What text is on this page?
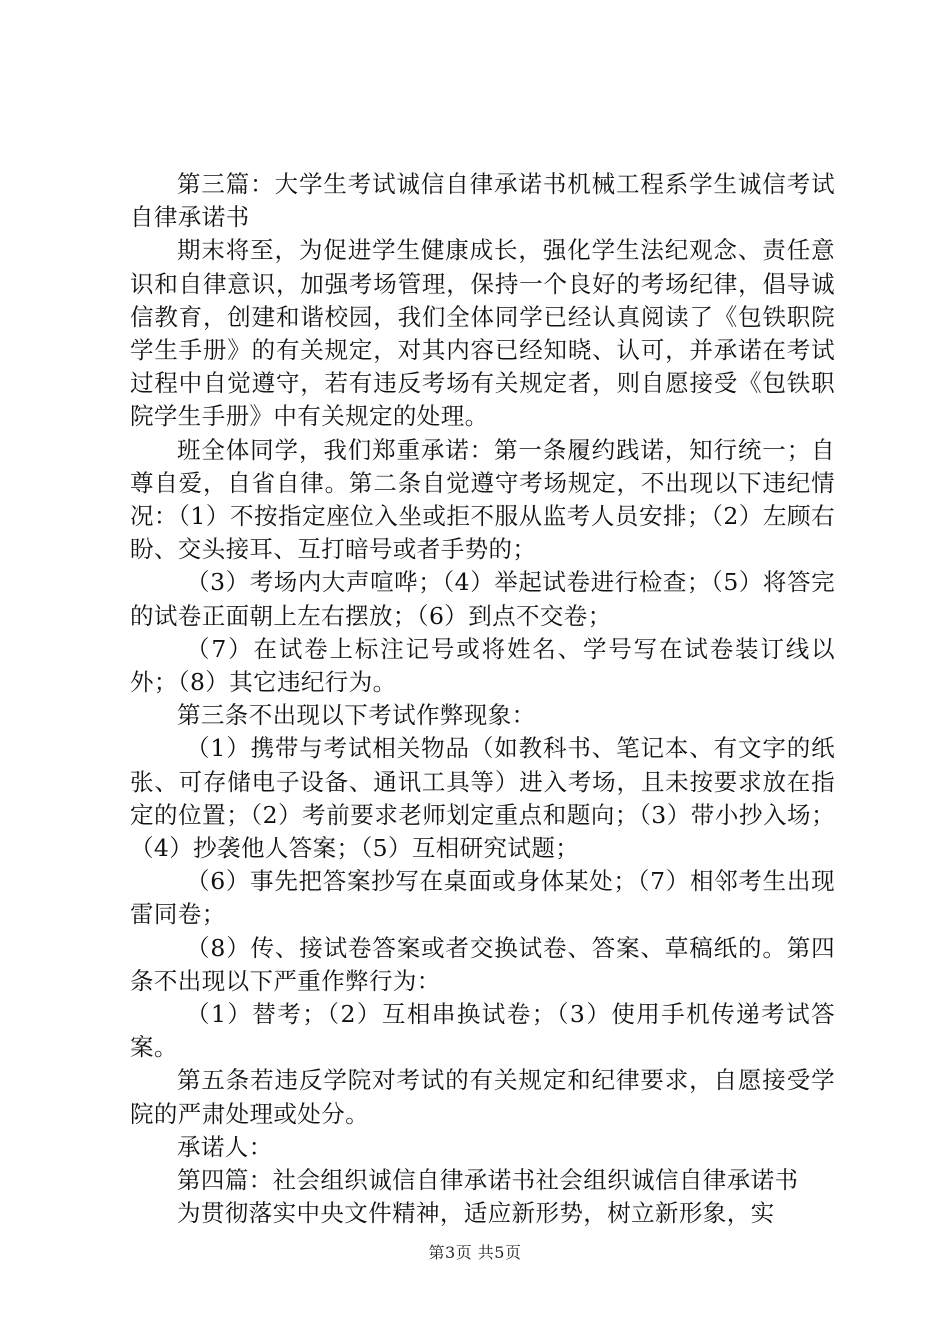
第三篇：大学生考试诚信自律承诺书机械工程系学生诚信考试自律承诺书

期末将至，为促进学生健康成长，强化学生法纪观念、责任意识和自律意识，加强考场管理，保持一个良好的考场纪律，倡导诚信教育，创建和谐校园，我们全体同学已经认真阅读了《包铁职院学生手册》的有关规定，对其内容已经知晓、认可，并承诺在考试过程中自觉遵守，若有违反考场有关规定者，则自愿接受《包铁职院学生手册》中有关规定的处理。

班全体同学，我们郑重承诺：第一条履约践诺，知行统一；自尊自爱，自省自律。第二条自觉遵守考场规定，不出现以下违纪情况：（1）不按指定座位入坐或拒不服从监考人员安排；（2）左顾右盼、交头接耳、互打暗号或者手势的；

（3）考场内大声喧哗；（4）举起试卷进行检查；（5）将答完的试卷正面朝上左右摆放；（6）到点不交卷；

（7）在试卷上标注记号或将姓名、学号写在试卷装订线以外；（8）其它违纪行为。

第三条不出现以下考试作弊现象：

（1）携带与考试相关物品（如教科书、笔记本、有文字的纸张、可存储电子设备、通讯工具等）进入考场，且未按要求放在指定的位置；（2）考前要求老师划定重点和题向；（3）带小抄入场；（4）抄袭他人答案；（5）互相研究试题；

（6）事先把答案抄写在桌面或身体某处；（7）相邻考生出现雷同卷；

（8）传、接试卷答案或者交换试卷、答案、草稿纸的。第四条不出现以下严重作弊行为：

（1）替考；（2）互相串换试卷；（3）使用手机传递考试答案。

第五条若违反学院对考试的有关规定和纪律要求，自愿接受学院的严肃处理或处分。

承诺人：

第四篇：社会组织诚信自律承诺书社会组织诚信自律承诺书

为贯彻落实中央文件精神，适应新形势，树立新形象，实

第3页 共5页
